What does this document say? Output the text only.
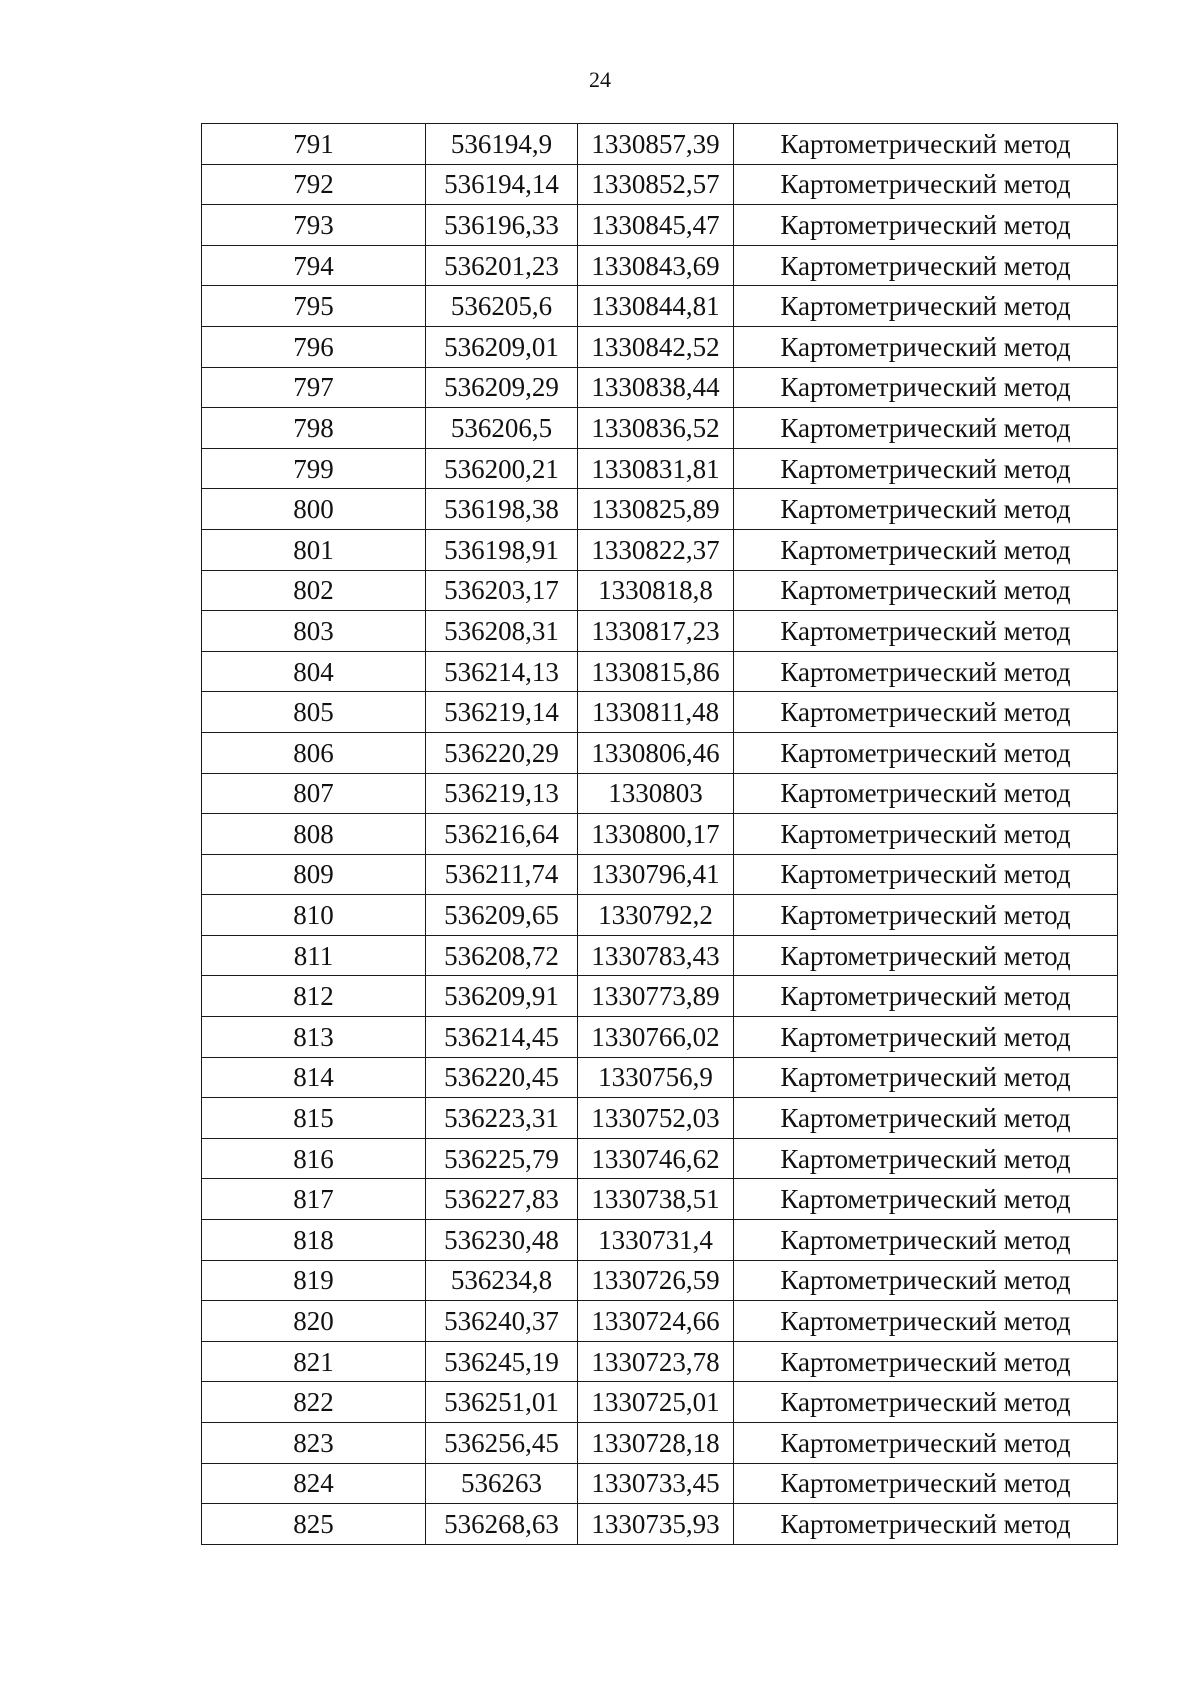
24
791	536194,9	1330857,39	Картометрический метод
792	536194,14	1330852,57	Картометрический метод
793	536196,33	1330845,47	Картометрический метод
794	536201,23	1330843,69	Картометрический метод
795	536205,6	1330844,81	Картометрический метод
796	536209,01	1330842,52	Картометрический метод
797	536209,29	1330838,44	Картометрический метод
798	536206,5	1330836,52	Картометрический метод
799	536200,21	1330831,81	Картометрический метод
800	536198,38	1330825,89	Картометрический метод
801	536198,91	1330822,37	Картометрический метод
802	536203,17	1330818,8	Картометрический метод
803	536208,31	1330817,23	Картометрический метод
804	536214,13	1330815,86	Картометрический метод
805	536219,14	1330811,48	Картометрический метод
806	536220,29	1330806,46	Картометрический метод
807	536219,13	1330803	Картометрический метод
808	536216,64	1330800,17	Картометрический метод
809	536211,74	1330796,41	Картометрический метод
810	536209,65	1330792,2	Картометрический метод
811	536208,72	1330783,43	Картометрический метод
812	536209,91	1330773,89	Картометрический метод
813	536214,45	1330766,02	Картометрический метод
814	536220,45	1330756,9	Картометрический метод
815	536223,31	1330752,03	Картометрический метод
816	536225,79	1330746,62	Картометрический метод
817	536227,83	1330738,51	Картометрический метод
818	536230,48	1330731,4	Картометрический метод
819	536234,8	1330726,59	Картометрический метод
820	536240,37	1330724,66	Картометрический метод
821	536245,19	1330723,78	Картометрический метод
822	536251,01	1330725,01	Картометрический метод
823	536256,45	1330728,18	Картометрический метод
824	536263	1330733,45	Картометрический метод
825	536268,63	1330735,93	Картометрический метод
